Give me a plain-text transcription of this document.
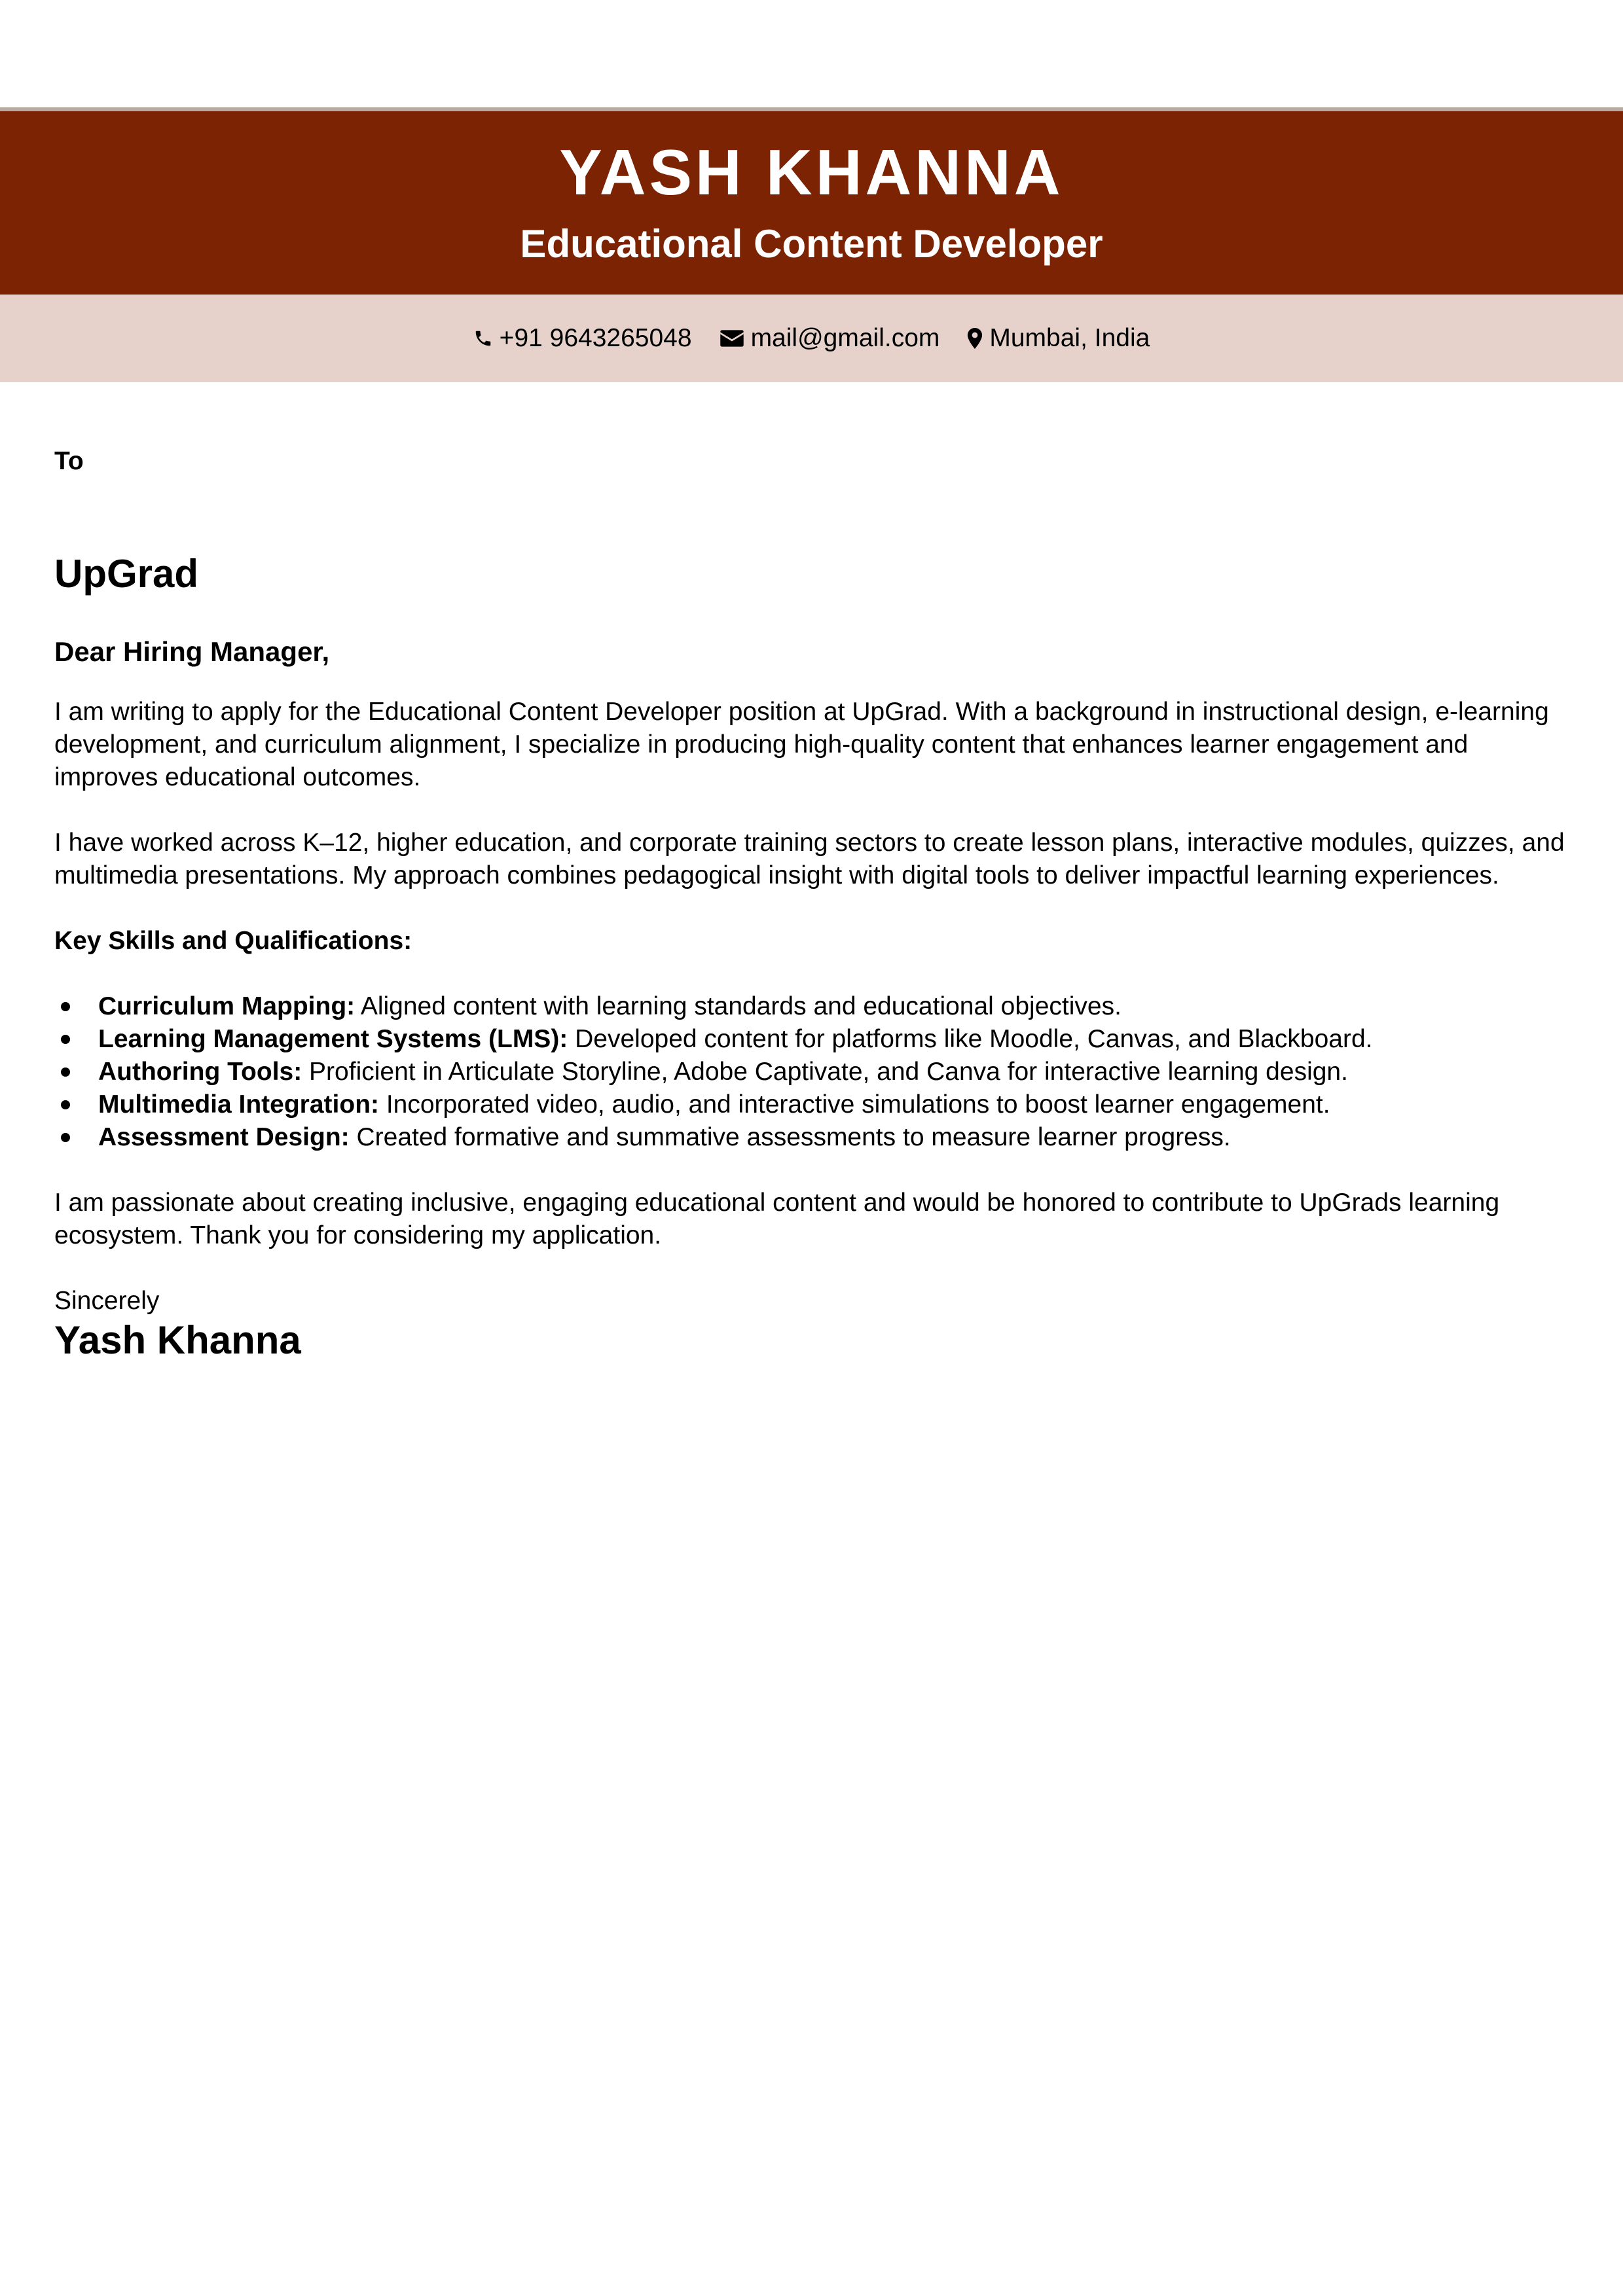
YASH KHANNA
Educational Content Developer
+91 9643265048 mail@gmail.com Mumbai, India

To

UpGrad

Dear Hiring Manager,

I am writing to apply for the Educational Content Developer position at UpGrad. With a background in instructional design, e-learning development, and curriculum alignment, I specialize in producing high-quality content that enhances learner engagement and improves educational outcomes.

I have worked across K–12, higher education, and corporate training sectors to create lesson plans, interactive modules, quizzes, and multimedia presentations. My approach combines pedagogical insight with digital tools to deliver impactful learning experiences.

Key Skills and Qualifications:

Curriculum Mapping: Aligned content with learning standards and educational objectives.
Learning Management Systems (LMS): Developed content for platforms like Moodle, Canvas, and Blackboard.
Authoring Tools: Proficient in Articulate Storyline, Adobe Captivate, and Canva for interactive learning design.
Multimedia Integration: Incorporated video, audio, and interactive simulations to boost learner engagement.
Assessment Design: Created formative and summative assessments to measure learner progress.

I am passionate about creating inclusive, engaging educational content and would be honored to contribute to UpGrads learning ecosystem. Thank you for considering my application.

Sincerely

Yash Khanna
